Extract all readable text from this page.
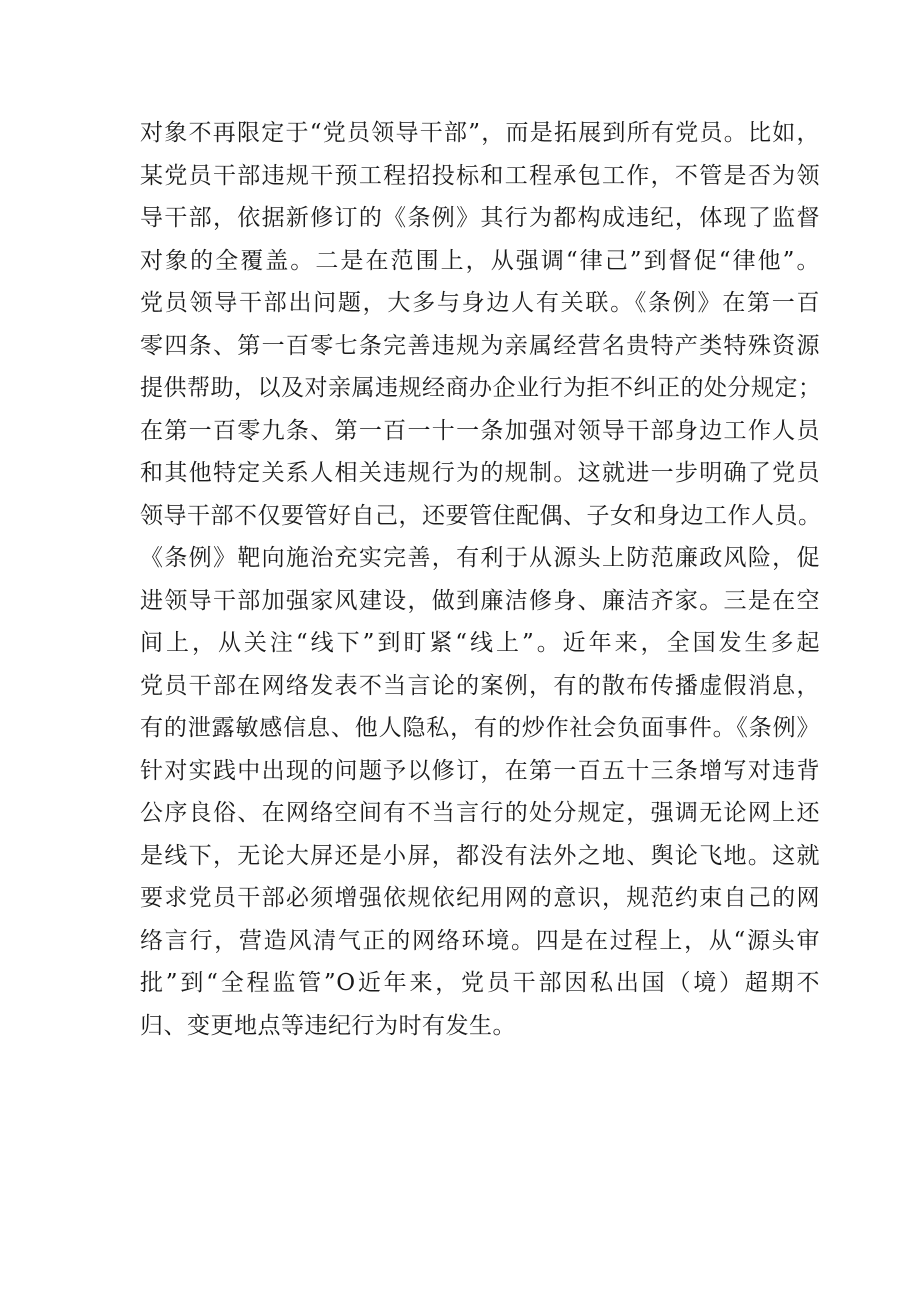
对象不再限定于“党员领导干部”，而是拓展到所有党员。比如，
某党员干部违规干预工程招投标和工程承包工作，不管是否为领
导干部，依据新修订的《条例》其行为都构成违纪，体现了监督
对象的全覆盖。二是在范围上，从强调“律己”到督促“律他”。
党员领导干部出问题，大多与身边人有关联。《条例》在第一百
零四条、第一百零七条完善违规为亲属经营名贵特产类特殊资源
提供帮助，以及对亲属违规经商办企业行为拒不纠正的处分规定；
在第一百零九条、第一百一十一条加强对领导干部身边工作人员
和其他特定关系人相关违规行为的规制。这就进一步明确了党员
领导干部不仅要管好自己，还要管住配偶、子女和身边工作人员。
《条例》靶向施治充实完善，有利于从源头上防范廉政风险，促
进领导干部加强家风建设，做到廉洁修身、廉洁齐家。三是在空
间上，从关注“线下”到盯紧“线上”。近年来，全国发生多起
党员干部在网络发表不当言论的案例，有的散布传播虚假消息，
有的泄露敏感信息、他人隐私，有的炒作社会负面事件。《条例》
针对实践中出现的问题予以修订，在第一百五十三条增写对违背
公序良俗、在网络空间有不当言行的处分规定，强调无论网上还
是线下，无论大屏还是小屏，都没有法外之地、舆论飞地。这就
要求党员干部必须增强依规依纪用网的意识，规范约束自己的网
络言行，营造风清气正的网络环境。四是在过程上，从“源头审
批”到“全程监管”O近年来，党员干部因私出国（境）超期不
归、变更地点等违纪行为时有发生。
